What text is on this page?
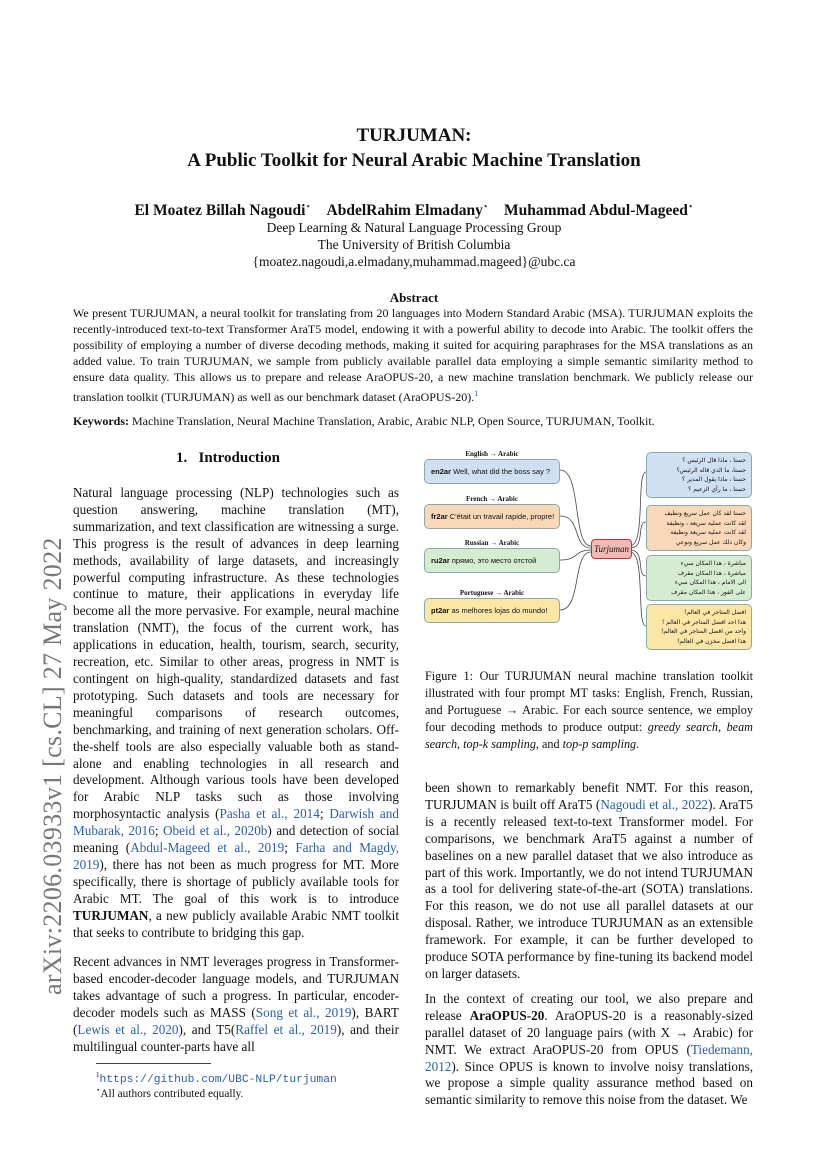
arXiv:2206.03933v1 [cs.CL] 27 May 2022
TURJUMAN:
A Public Toolkit for Neural Arabic Machine Translation
El Moatez Billah Nagoudi⋆ AbdelRahim Elmadany⋆ Muhammad Abdul-Mageed⋆
Deep Learning & Natural Language Processing Group
The University of British Columbia
{moatez.nagoudi,a.elmadany,muhammad.mageed}@ubc.ca
Abstract
We present TURJUMAN, a neural toolkit for translating from 20 languages into Modern Standard Arabic (MSA). TURJUMAN exploits the recently-introduced text-to-text Transformer AraT5 model, endowing it with a powerful ability to decode into Arabic. The toolkit offers the possibility of employing a number of diverse decoding methods, making it suited for acquiring paraphrases for the MSA translations as an added value. To train TURJUMAN, we sample from publicly available parallel data employing a simple semantic similarity method to ensure data quality. This allows us to prepare and release AraOPUS-20, a new machine translation benchmark. We publicly release our translation toolkit (TURJUMAN) as well as our benchmark dataset (AraOPUS-20).$^1$
Keywords: Machine Translation, Neural Machine Translation, Arabic, Arabic NLP, Open Source, TURJUMAN, Toolkit.
1. Introduction

Natural language processing (NLP) technologies such as question answering, machine translation (MT), summarization, and text classification are witnessing a surge. This progress is the result of advances in deep learning methods, availability of large datasets, and increasingly powerful computing infrastructure. As these technologies continue to mature, their applications in everyday life become all the more pervasive. For example, neural machine translation (NMT), the focus of the current work, has applications in education, health, tourism, search, security, recreation, etc. Similar to other areas, progress in NMT is contingent on high-quality, standardized datasets and fast prototyping. Such datasets and tools are necessary for meaningful comparisons of research outcomes, benchmarking, and training of next generation scholars. Off-the-shelf tools are also especially valuable both as stand-alone and enabling technologies in all research and development. Although various tools have been developed for Arabic NLP tasks such as those involving morphosyntactic analysis (Pasha et al., 2014; Darwish and Mubarak, 2016; Obeid et al., 2020b) and detection of social meaning (Abdul-Mageed et al., 2019; Farha and Magdy, 2019), there has not been as much progress for MT. More specifically, there is shortage of publicly available tools for Arabic MT. The goal of this work is to introduce TURJUMAN, a new publicly available Arabic NMT toolkit that seeks to contribute to bridging this gap.

Recent advances in NMT leverages progress in Transformer-based encoder-decoder language models, and TURJUMAN takes advantage of such a progress. In particular, encoder-decoder models such as MASS (Song et al., 2019), BART (Lewis et al., 2020), and T5(Raffel et al., 2019), and their multilingual counter-parts have all

$^1$https://github.com/UBC-NLP/turjuman
⋆All authors contributed equally.
English → Arabic
en2ar Well, what did the boss say ?
French → Arabic
fr2ar C'était un travail rapide, propre!
Russian → Arabic
ru2ar прямо, это место отстой
Portuguese → Arabic
pt2ar as melhores lojas do mundo!
Turjuman
حسنا ، ماذا قال الرئيس ؟
حسنا، ما الذي قاله الرئيس؟
حسنا ، ماذا يقول المدير ؟
حسنا ، ما رأي الزعيم ؟
حسنا لقد كان عمل سريع ونظيف
لقد كانت عملية سريعة ، ونظيفة
لقد كانت عملية سريعة ونظيفة
وكان ذلك عمل سريع ونوعي
مباشرة ، هذا المكان سيء
مباشرة ، هذا المكان مقرف
الى الامام ، هذا المكان سيء
على الفور ، هذا المكان مقرف
افضل المتاجر في العالم!
هذا احد افضل المتاجر في العالم !
واحد من افضل المتاجر في العالم!
هذا افضل مخزن في العالم!
Figure 1: Our TURJUMAN neural machine translation toolkit illustrated with four prompt MT tasks: English, French, Russian, and Portuguese → Arabic. For each source sentence, we employ four decoding methods to produce output: greedy search, beam search, top-k sampling, and top-p sampling.

been shown to remarkably benefit NMT. For this reason, TURJUMAN is built off AraT5 (Nagoudi et al., 2022). AraT5 is a recently released text-to-text Transformer model. For comparisons, we benchmark AraT5 against a number of baselines on a new parallel dataset that we also introduce as part of this work. Importantly, we do not intend TURJUMAN as a tool for delivering state-of-the-art (SOTA) translations. For this reason, we do not use all parallel datasets at our disposal. Rather, we introduce TURJUMAN as an extensible framework. For example, it can be further developed to produce SOTA performance by fine-tuning its backend model on larger datasets.

In the context of creating our tool, we also prepare and release AraOPUS-20. AraOPUS-20 is a reasonably-sized parallel dataset of 20 language pairs (with X → Arabic) for NMT. We extract AraOPUS-20 from OPUS (Tiedemann, 2012). Since OPUS is known to involve noisy translations, we propose a simple quality assurance method based on semantic similarity to remove this noise from the dataset. We
